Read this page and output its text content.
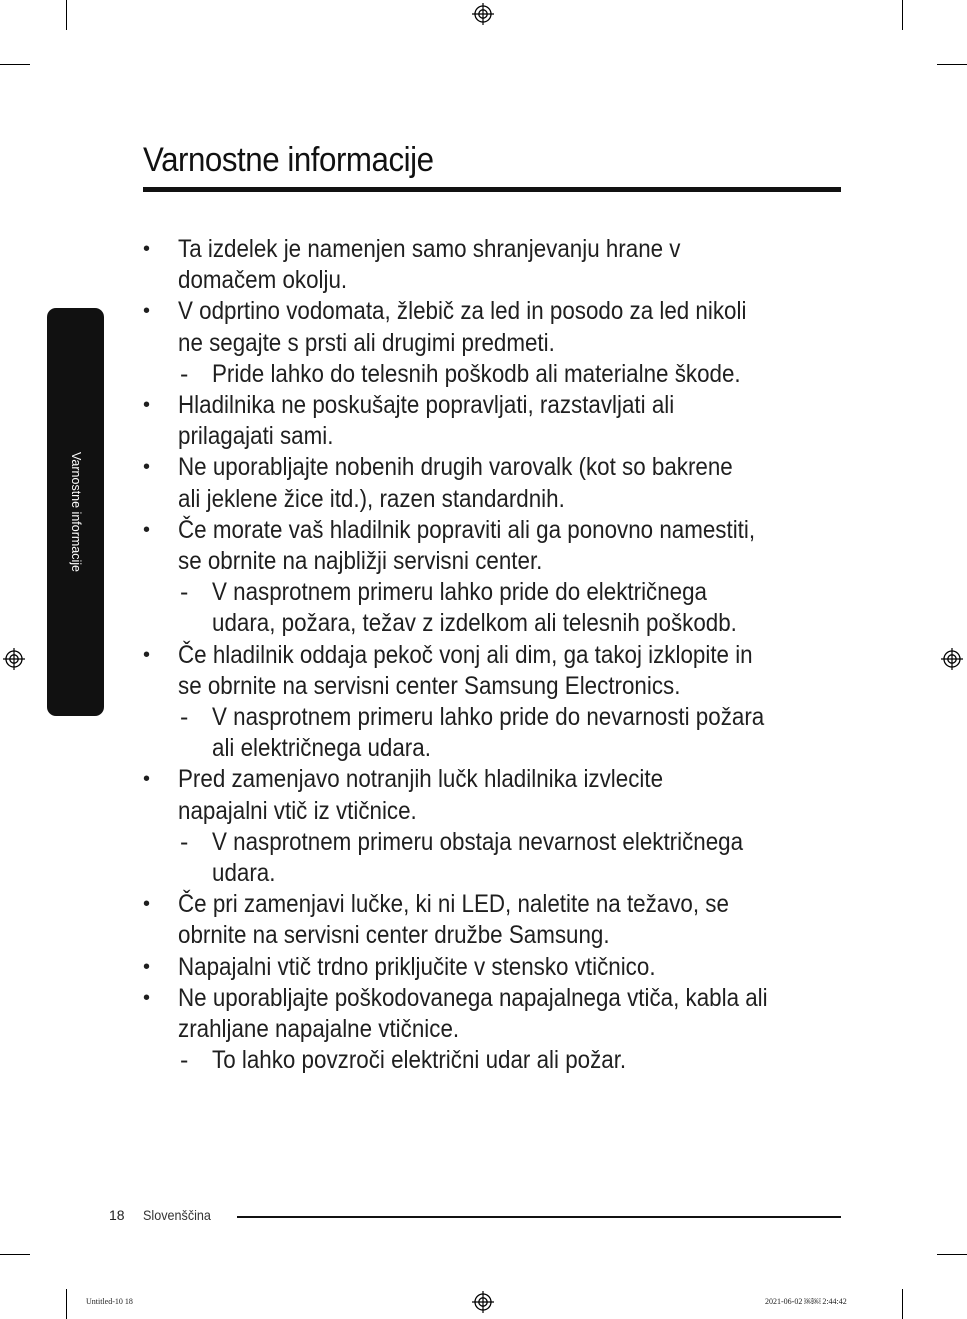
Varnostne informacije
Varnostne informacije
• Ta izdelek je namenjen samo shranjevanju hrane v
domačem okolju.
• V odprtino vodomata, žlebič za led in posodo za led nikoli
ne segajte s prsti ali drugimi predmeti.
- Pride lahko do telesnih poškodb ali materialne škode.
• Hladilnika ne poskušajte popravljati, razstavljati ali
prilagajati sami.
• Ne uporabljajte nobenih drugih varovalk (kot so bakrene
ali jeklene žice itd.), razen standardnih.
• Če morate vaš hladilnik popraviti ali ga ponovno namestiti,
se obrnite na najbližji servisni center.
- V nasprotnem primeru lahko pride do električnega
udara, požara, težav z izdelkom ali telesnih poškodb.
• Če hladilnik oddaja pekoč vonj ali dim, ga takoj izklopite in
se obrnite na servisni center Samsung Electronics.
- V nasprotnem primeru lahko pride do nevarnosti požara
ali električnega udara.
• Pred zamenjavo notranjih lučk hladilnika izvlecite
napajalni vtič iz vtičnice.
- V nasprotnem primeru obstaja nevarnost električnega
udara.
• Če pri zamenjavi lučke, ki ni LED, naletite na težavo, se
obrnite na servisni center družbe Samsung.
• Napajalni vtič trdno priključite v stensko vtičnico.
• Ne uporabljajte poškodovanega napajalnega vtiča, kabla ali
zrahljane napajalne vtičnice.
- To lahko povzroči električni udar ali požar.
18 Slovenščina
Untitled-10 18	2021-06-02 ￼￼ 2:44:42
